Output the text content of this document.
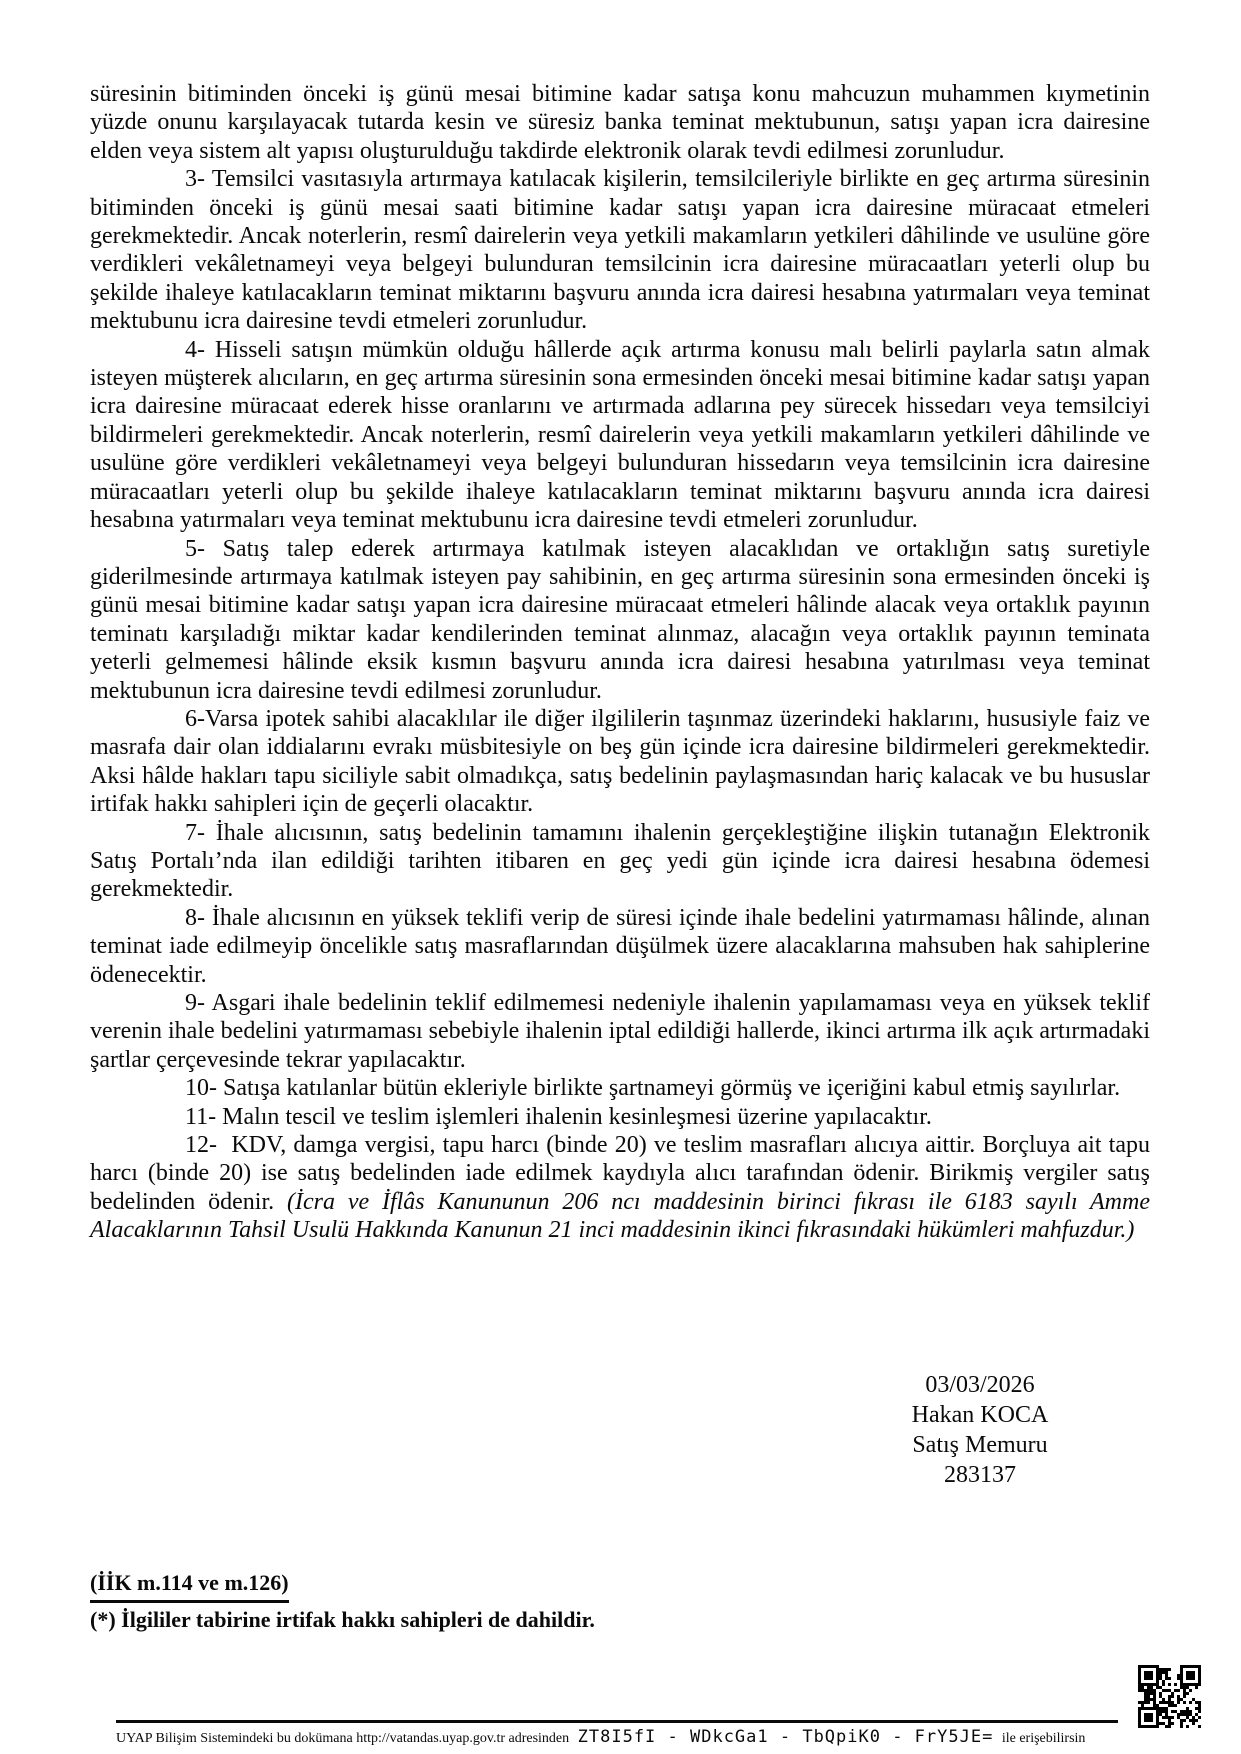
süresinin bitiminden önceki iş günü mesai bitimine kadar satışa konu mahcuzun muhammen kıymetinin yüzde onunu karşılayacak tutarda kesin ve süresiz banka teminat mektubunun, satışı yapan icra dairesine elden veya sistem alt yapısı oluşturulduğu takdirde elektronik olarak tevdi edilmesi zorunludur.

3- Temsilci vasıtasıyla artırmaya katılacak kişilerin, temsilcileriyle birlikte en geç artırma süresinin bitiminden önceki iş günü mesai saati bitimine kadar satışı yapan icra dairesine müracaat etmeleri gerekmektedir. Ancak noterlerin, resmî dairelerin veya yetkili makamların yetkileri dâhilinde ve usulüne göre verdikleri vekâletnameyi veya belgeyi bulunduran temsilcinin icra dairesine müracaatları yeterli olup bu şekilde ihaleye katılacakların teminat miktarını başvuru anında icra dairesi hesabına yatırmaları veya teminat mektubunu icra dairesine tevdi etmeleri zorunludur.

4- Hisseli satışın mümkün olduğu hâllerde açık artırma konusu malı belirli paylarla satın almak isteyen müşterek alıcıların, en geç artırma süresinin sona ermesinden önceki mesai bitimine kadar satışı yapan icra dairesine müracaat ederek hisse oranlarını ve artırmada adlarına pey sürecek hissedarı veya temsilciyi bildirmeleri gerekmektedir. Ancak noterlerin, resmî dairelerin veya yetkili makamların yetkileri dâhilinde ve usulüne göre verdikleri vekâletnameyi veya belgeyi bulunduran hissedarın veya temsilcinin icra dairesine müracaatları yeterli olup bu şekilde ihaleye katılacakların teminat miktarını başvuru anında icra dairesi hesabına yatırmaları veya teminat mektubunu icra dairesine tevdi etmeleri zorunludur.

5- Satış talep ederek artırmaya katılmak isteyen alacaklıdan ve ortaklığın satış suretiyle giderilmesinde artırmaya katılmak isteyen pay sahibinin, en geç artırma süresinin sona ermesinden önceki iş günü mesai bitimine kadar satışı yapan icra dairesine müracaat etmeleri hâlinde alacak veya ortaklık payının teminatı karşıladığı miktar kadar kendilerinden teminat alınmaz, alacağın veya ortaklık payının teminata yeterli gelmemesi hâlinde eksik kısmın başvuru anında icra dairesi hesabına yatırılması veya teminat mektubunun icra dairesine tevdi edilmesi zorunludur.

6-Varsa ipotek sahibi alacaklılar ile diğer ilgililerin taşınmaz üzerindeki haklarını, hususiyle faiz ve masrafa dair olan iddialarını evrakı müsbitesiyle on beş gün içinde icra dairesine bildirmeleri gerekmektedir. Aksi hâlde hakları tapu siciliyle sabit olmadıkça, satış bedelinin paylaşmasından hariç kalacak ve bu hususlar irtifak hakkı sahipleri için de geçerli olacaktır.

7- İhale alıcısının, satış bedelinin tamamını ihalenin gerçekleştiğine ilişkin tutanağın Elektronik Satış Portalı’nda ilan edildiği tarihten itibaren en geç yedi gün içinde icra dairesi hesabına ödemesi gerekmektedir.

8- İhale alıcısının en yüksek teklifi verip de süresi içinde ihale bedelini yatırmaması hâlinde, alınan teminat iade edilmeyip öncelikle satış masraflarından düşülmek üzere alacaklarına mahsuben hak sahiplerine ödenecektir.

9- Asgari ihale bedelinin teklif edilmemesi nedeniyle ihalenin yapılamaması veya en yüksek teklif verenin ihale bedelini yatırmaması sebebiyle ihalenin iptal edildiği hallerde, ikinci artırma ilk açık artırmadaki şartlar çerçevesinde tekrar yapılacaktır.

10- Satışa katılanlar bütün ekleriyle birlikte şartnameyi görmüş ve içeriğini kabul etmiş sayılırlar.

11- Malın tescil ve teslim işlemleri ihalenin kesinleşmesi üzerine yapılacaktır.

12-  KDV, damga vergisi, tapu harcı (binde 20) ve teslim masrafları alıcıya aittir. Borçluya ait tapu harcı (binde 20) ise satış bedelinden iade edilmek kaydıyla alıcı tarafından ödenir. Birikmiş vergiler satış bedelinden ödenir. (İcra ve İflâs Kanununun 206 ncı maddesinin birinci fıkrası ile 6183 sayılı Amme Alacaklarının Tahsil Usulü Hakkında Kanunun 21 inci maddesinin ikinci fıkrasındaki hükümleri mahfuzdur.)

03/03/2026
Hakan KOCA
Satış Memuru
283137
(İİK m.114 ve m.126)
(*) İlgililer tabirine irtifak hakkı sahipleri de dahildir.
UYAP Bilişim Sistemindeki bu dokümana http://vatandas.uyap.gov.tr adresinden ZT8I5fI - WDkcGa1 - TbQpiK0 - FrY5JE= ile erişebilirsin
